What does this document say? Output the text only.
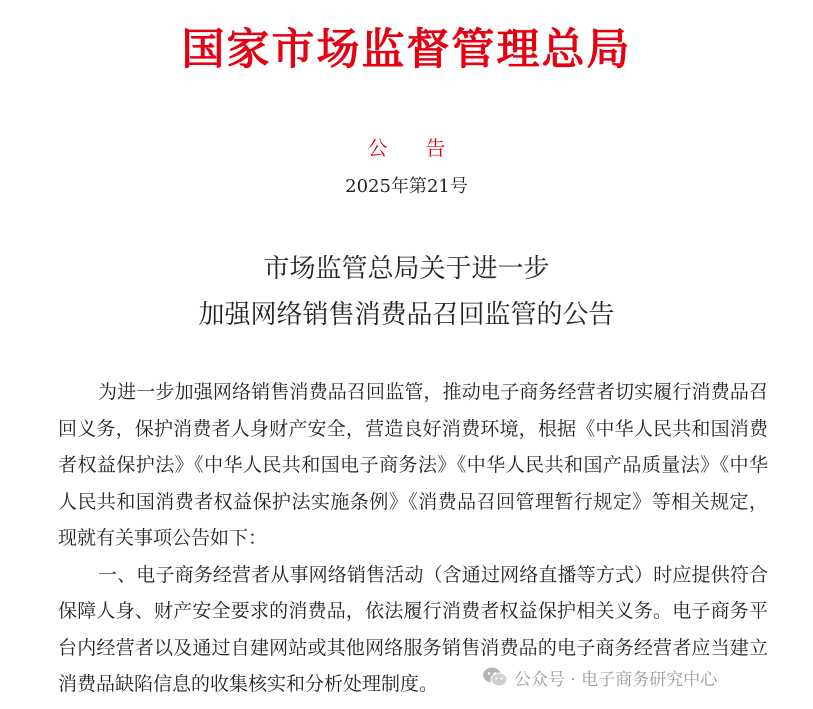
国家市场监督管理总局
公告
2025年第21号
市场监管总局关于进一步
加强网络销售消费品召回监管的公告

为进一步加强网络销售消费品召回监管，推动电子商务经营者切实履行消费品召回义务，保护消费者人身财产安全，营造良好消费环境，根据《中华人民共和国消费者权益保护法》《中华人民共和国电子商务法》《中华人民共和国产品质量法》《中华人民共和国消费者权益保护法实施条例》《消费品召回管理暂行规定》等相关规定，现就有关事项公告如下：

一、电子商务经营者从事网络销售活动（含通过网络直播等方式）时应提供符合保障人身、财产安全要求的消费品，依法履行消费者权益保护相关义务。电子商务平台内经营者以及通过自建网站或其他网络服务销售消费品的电子商务经营者应当建立消费品缺陷信息的收集核实和分析处理制度。	公众号 · 电子商务研究中心
